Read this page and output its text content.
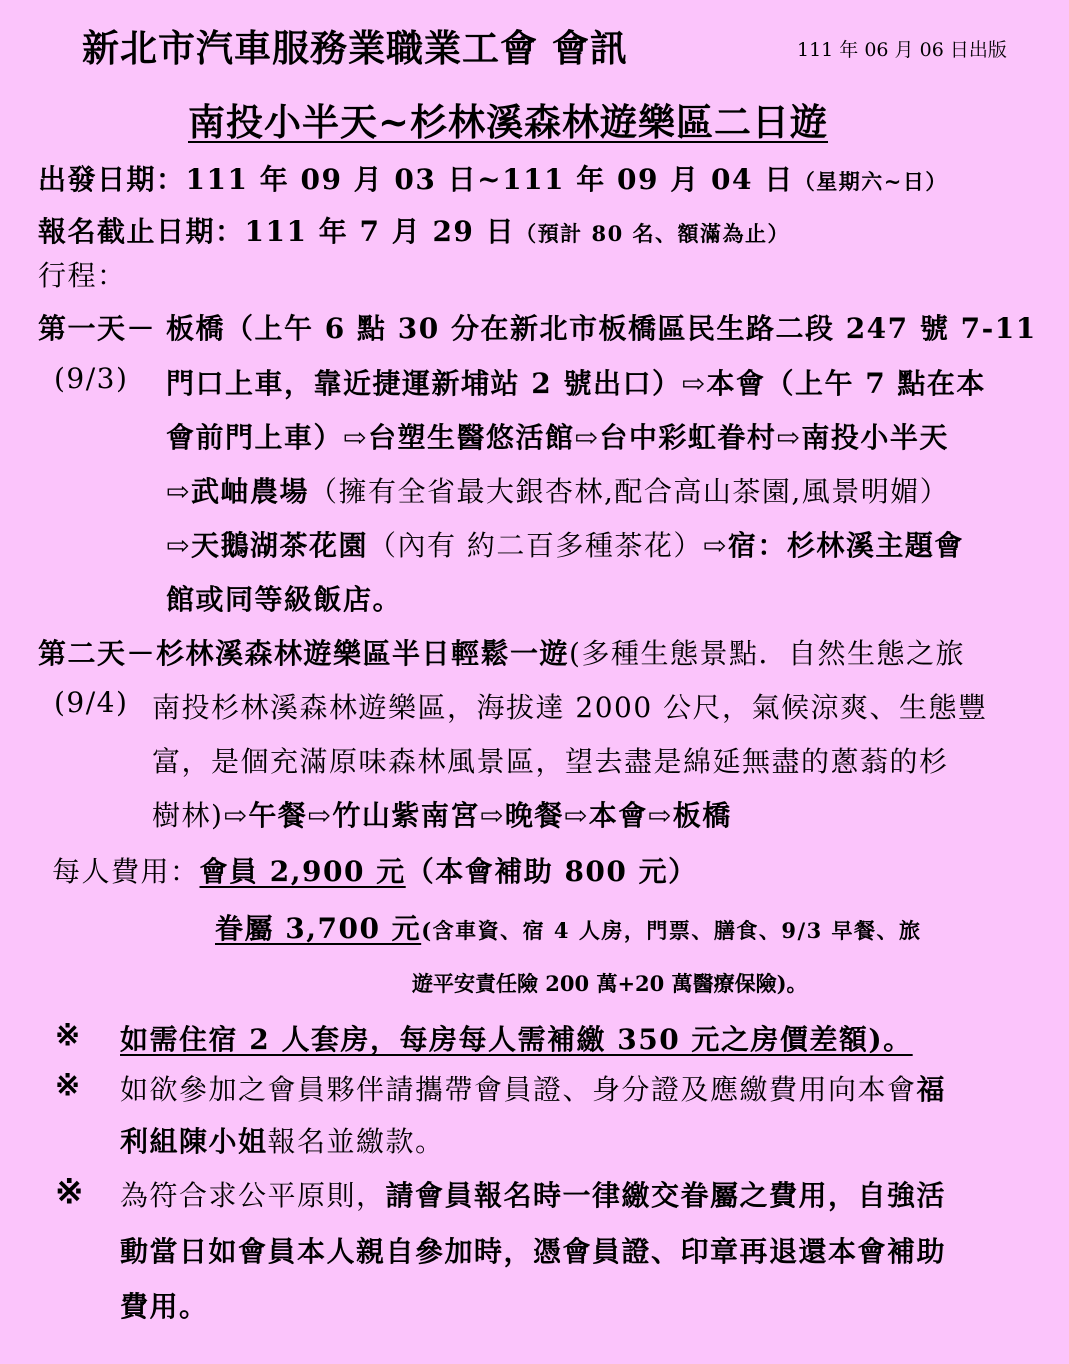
新北市汽車服務業職業工會 會訊	111 年 06 月 06 日出版
南投小半天~杉林溪森林遊樂區二日遊
出發日期：111 年 09 月 03 日~111 年 09 月 04 日（星期六~日）
報名截止日期：111 年 7 月 29 日（預計 80 名、額滿為止）
行程：
第一天－ 板橋（上午 6 點 30 分在新北市板橋區民生路二段 247 號 7-11
(9/3) 門口上車，靠近捷運新埔站 2 號出口）⇨本會（上午 7 點在本
會前門上車）⇨台塑生醫悠活館⇨台中彩虹眷村⇨南投小半天
⇨武岫農場（擁有全省最大銀杏林,配合高山茶園,風景明媚）
⇨天鵝湖茶花園（內有 約二百多種茶花）⇨宿：杉林溪主題會
館或同等級飯店。
第二天－杉林溪森林遊樂區半日輕鬆一遊(多種生態景點．自然生態之旅
(9/4) 南投杉林溪森林遊樂區，海拔達 2000 公尺，氣候涼爽、生態豐
富，是個充滿原味森林風景區，望去盡是綿延無盡的蔥蓊的杉
樹林)⇨午餐⇨竹山紫南宮⇨晚餐⇨本會⇨板橋
每人費用：會員 2,900 元（本會補助 800 元）
眷屬 3,700 元(含車資、宿 4 人房，門票、膳食、9/3 早餐、旅
遊平安責任險 200 萬+20 萬醫療保險)。
※ 如需住宿 2 人套房，每房每人需補繳 350 元之房價差額)。
※ 如欲參加之會員夥伴請攜帶會員證、身分證及應繳費用向本會福
利組陳小姐報名並繳款。
※ 為符合求公平原則，請會員報名時一律繳交眷屬之費用，自強活
動當日如會員本人親自參加時，憑會員證、印章再退還本會補助
費用。
